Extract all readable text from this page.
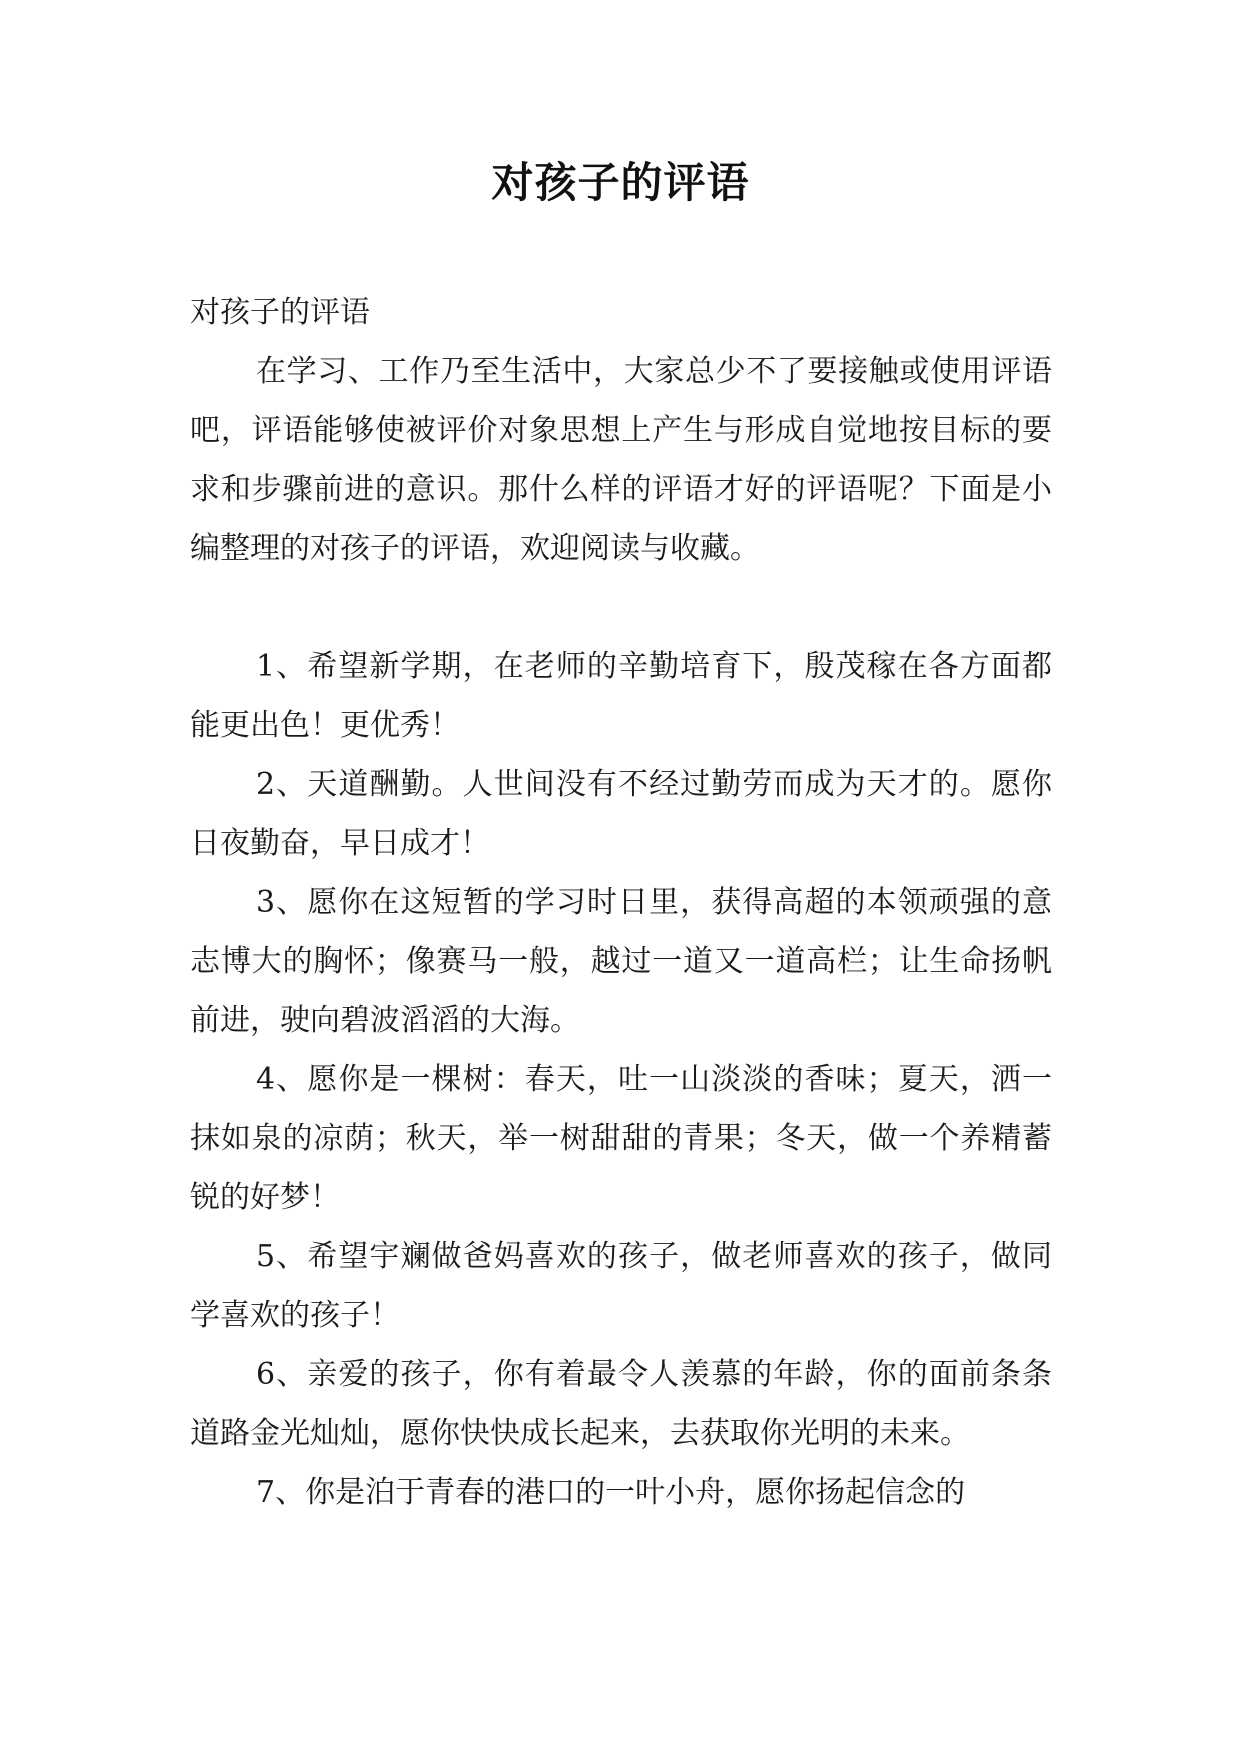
对孩子的评语

对孩子的评语

在学习、工作乃至生活中，大家总少不了要接触或使用评语吧，评语能够使被评价对象思想上产生与形成自觉地按目标的要求和步骤前进的意识。那什么样的评语才好的评语呢？下面是小编整理的对孩子的评语，欢迎阅读与收藏。

1、希望新学期，在老师的辛勤培育下，殷茂稼在各方面都能更出色！更优秀！

2、天道酬勤。人世间没有不经过勤劳而成为天才的。愿你日夜勤奋，早日成才！

3、愿你在这短暂的学习时日里，获得高超的本领顽强的意志博大的胸怀；像赛马一般，越过一道又一道高栏；让生命扬帆前进，驶向碧波滔滔的大海。

4、愿你是一棵树：春天，吐一山淡淡的香味；夏天，洒一抹如泉的凉荫；秋天，举一树甜甜的青果；冬天，做一个养精蓄锐的好梦！

5、希望宇斓做爸妈喜欢的孩子，做老师喜欢的孩子，做同学喜欢的孩子！

6、亲爱的孩子，你有着最令人羡慕的年龄，你的面前条条道路金光灿灿，愿你快快成长起来，去获取你光明的未来。

7、你是泊于青春的港口的一叶小舟，愿你扬起信念的
